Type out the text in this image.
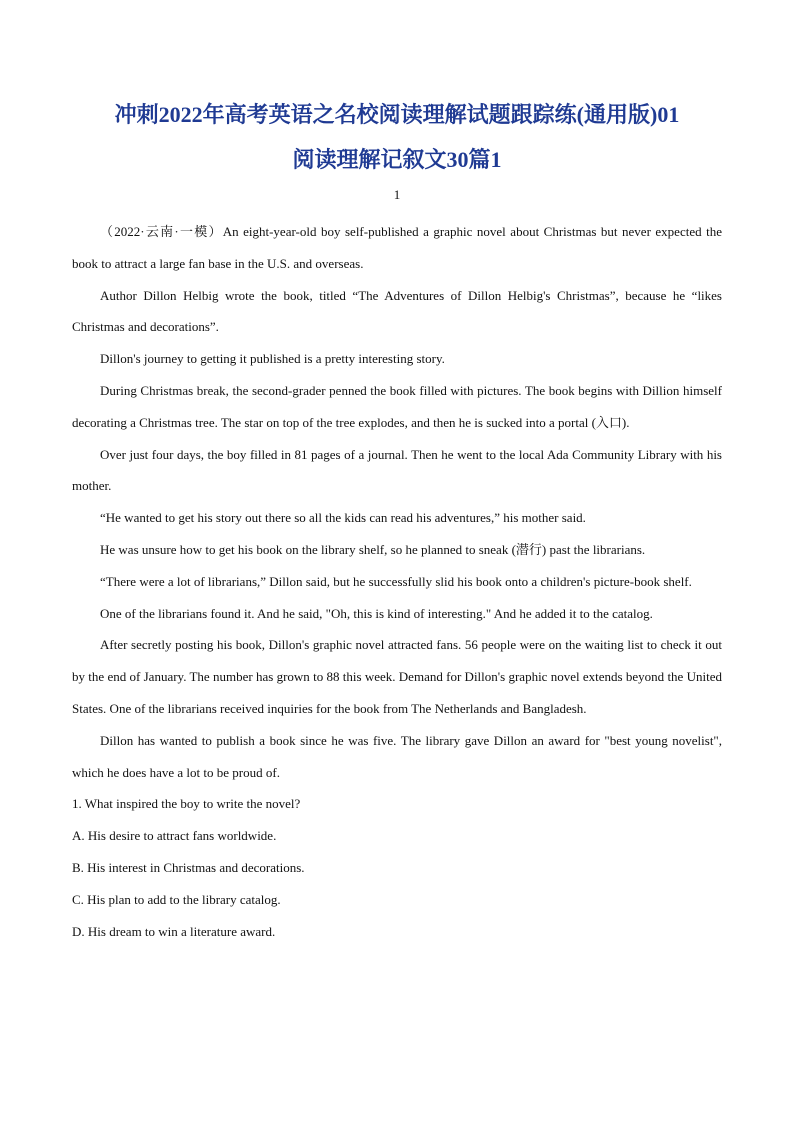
冲刺2022年高考英语之名校阅读理解试题跟踪练(通用版)01
阅读理解记叙文30篇1
1

（2022·云南·一模）An eight-year-old boy self-published a graphic novel about Christmas but never expected the book to attract a large fan base in the U.S. and overseas.

Author Dillon Helbig wrote the book, titled “The Adventures of Dillon Helbig's Christmas”, because he “likes Christmas and decorations”.

Dillon's journey to getting it published is a pretty interesting story.

During Christmas break, the second-grader penned the book filled with pictures. The book begins with Dillion himself decorating a Christmas tree. The star on top of the tree explodes, and then he is sucked into a portal (入口).

Over just four days, the boy filled in 81 pages of a journal. Then he went to the local Ada Community Library with his mother.

“He wanted to get his story out there so all the kids can read his adventures,” his mother said.

He was unsure how to get his book on the library shelf, so he planned to sneak (潜行) past the librarians.

“There were a lot of librarians,” Dillon said, but he successfully slid his book onto a children's picture-book shelf.

One of the librarians found it. And he said, "Oh, this is kind of interesting." And he added it to the catalog.

After secretly posting his book, Dillon's graphic novel attracted fans. 56 people were on the waiting list to check it out by the end of January. The number has grown to 88 this week. Demand for Dillon's graphic novel extends beyond the United States. One of the librarians received inquiries for the book from The Netherlands and Bangladesh.

Dillon has wanted to publish a book since he was five. The library gave Dillon an award for "best young novelist", which he does have a lot to be proud of.

1. What inspired the boy to write the novel?

A. His desire to attract fans worldwide.

B. His interest in Christmas and decorations.

C. His plan to add to the library catalog.

D. His dream to win a literature award.
